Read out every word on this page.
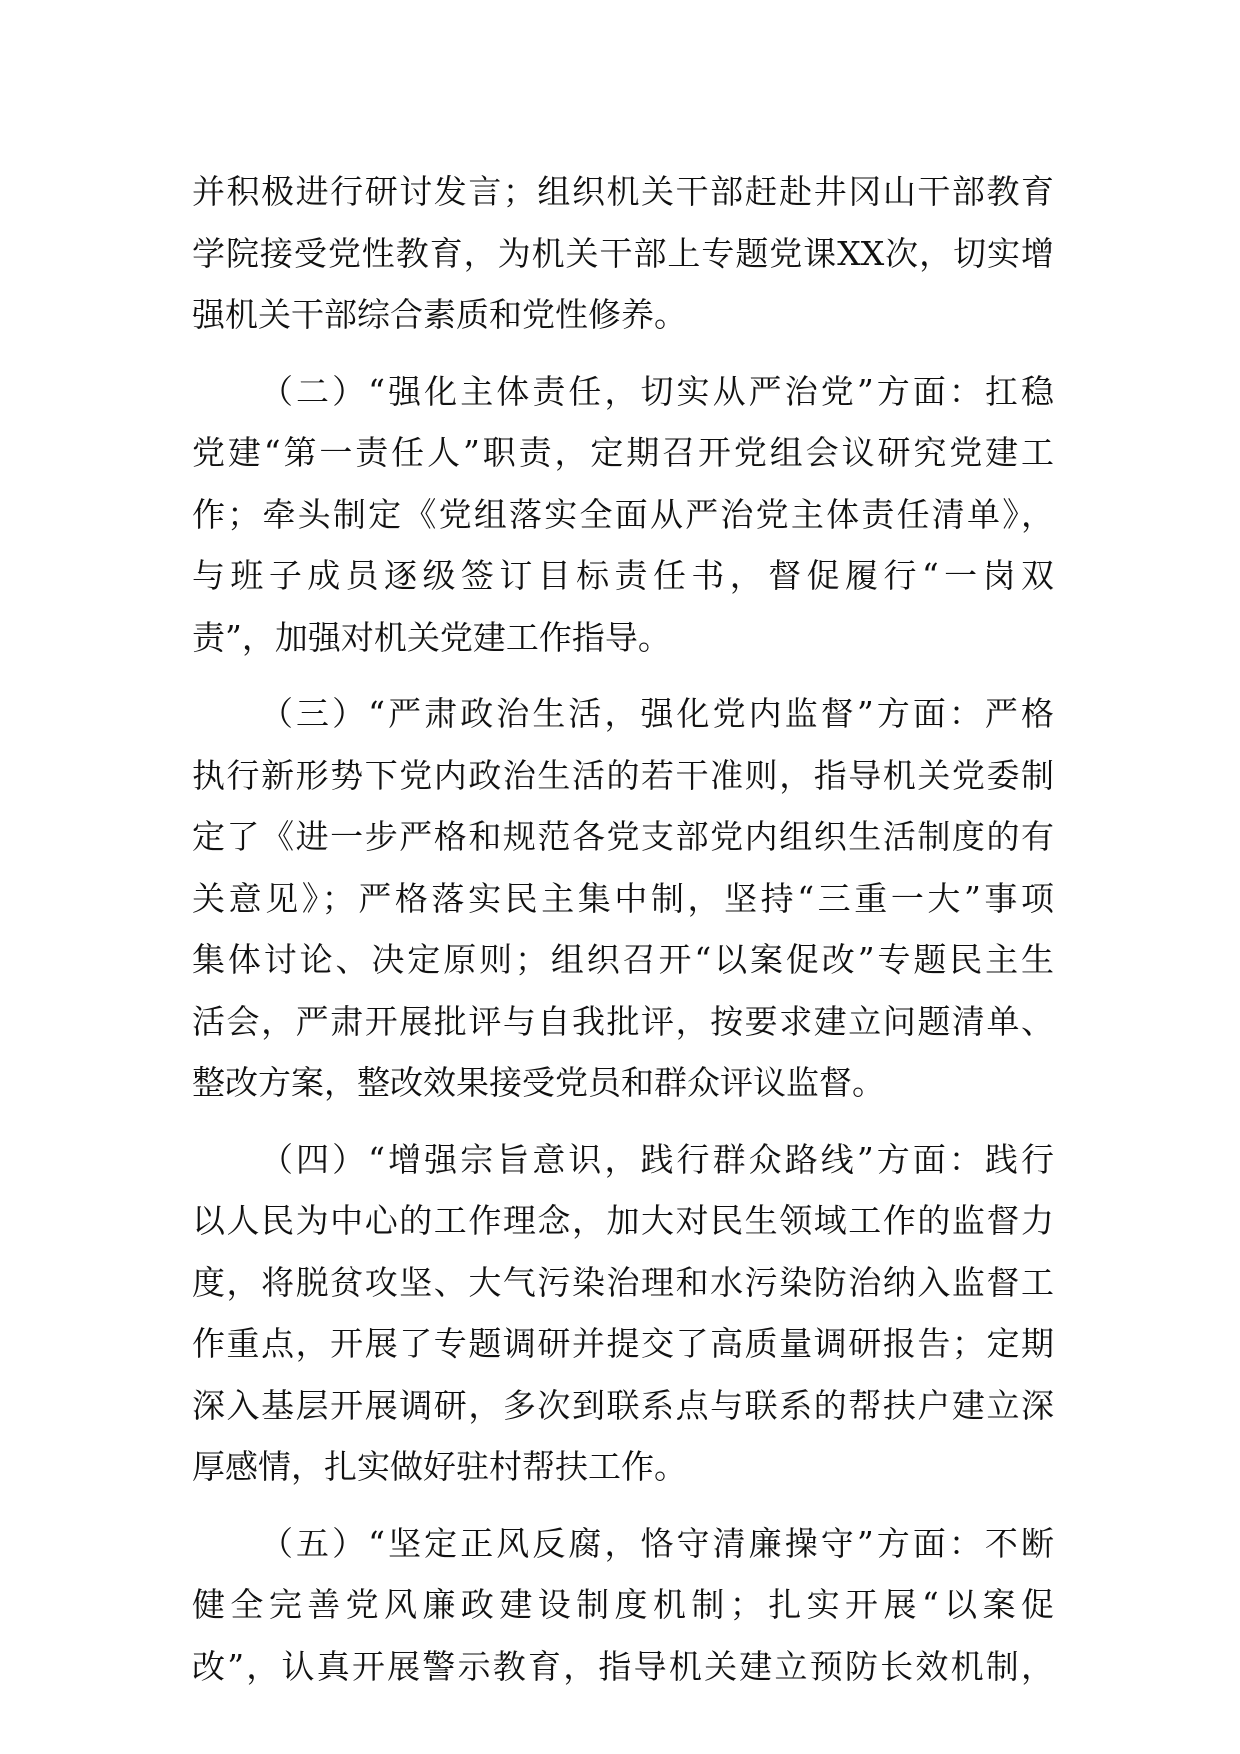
并积极进行研讨发言；组织机关干部赶赴井冈山干部教育
学院接受党性教育，为机关干部上专题党课XX次，切实增
强机关干部综合素质和党性修养。
（二）“强化主体责任，切实从严治党”方面：扛稳
党建“第一责任人”职责，定期召开党组会议研究党建工
作；牵头制定《党组落实全面从严治党主体责任清单》，
与班子成员逐级签订目标责任书，督促履行“一岗双
责”，加强对机关党建工作指导。
（三）“严肃政治生活，强化党内监督”方面：严格
执行新形势下党内政治生活的若干准则，指导机关党委制
定了《进一步严格和规范各党支部党内组织生活制度的有
关意见》；严格落实民主集中制，坚持“三重一大”事项
集体讨论、决定原则；组织召开“以案促改”专题民主生
活会，严肃开展批评与自我批评，按要求建立问题清单、
整改方案，整改效果接受党员和群众评议监督。
（四）“增强宗旨意识，践行群众路线”方面：践行
以人民为中心的工作理念，加大对民生领域工作的监督力
度，将脱贫攻坚、大气污染治理和水污染防治纳入监督工
作重点，开展了专题调研并提交了高质量调研报告；定期
深入基层开展调研，多次到联系点与联系的帮扶户建立深
厚感情，扎实做好驻村帮扶工作。
（五）“坚定正风反腐，恪守清廉操守”方面：不断
健全完善党风廉政建设制度机制；扎实开展“以案促
改”，认真开展警示教育，指导机关建立预防长效机制，
